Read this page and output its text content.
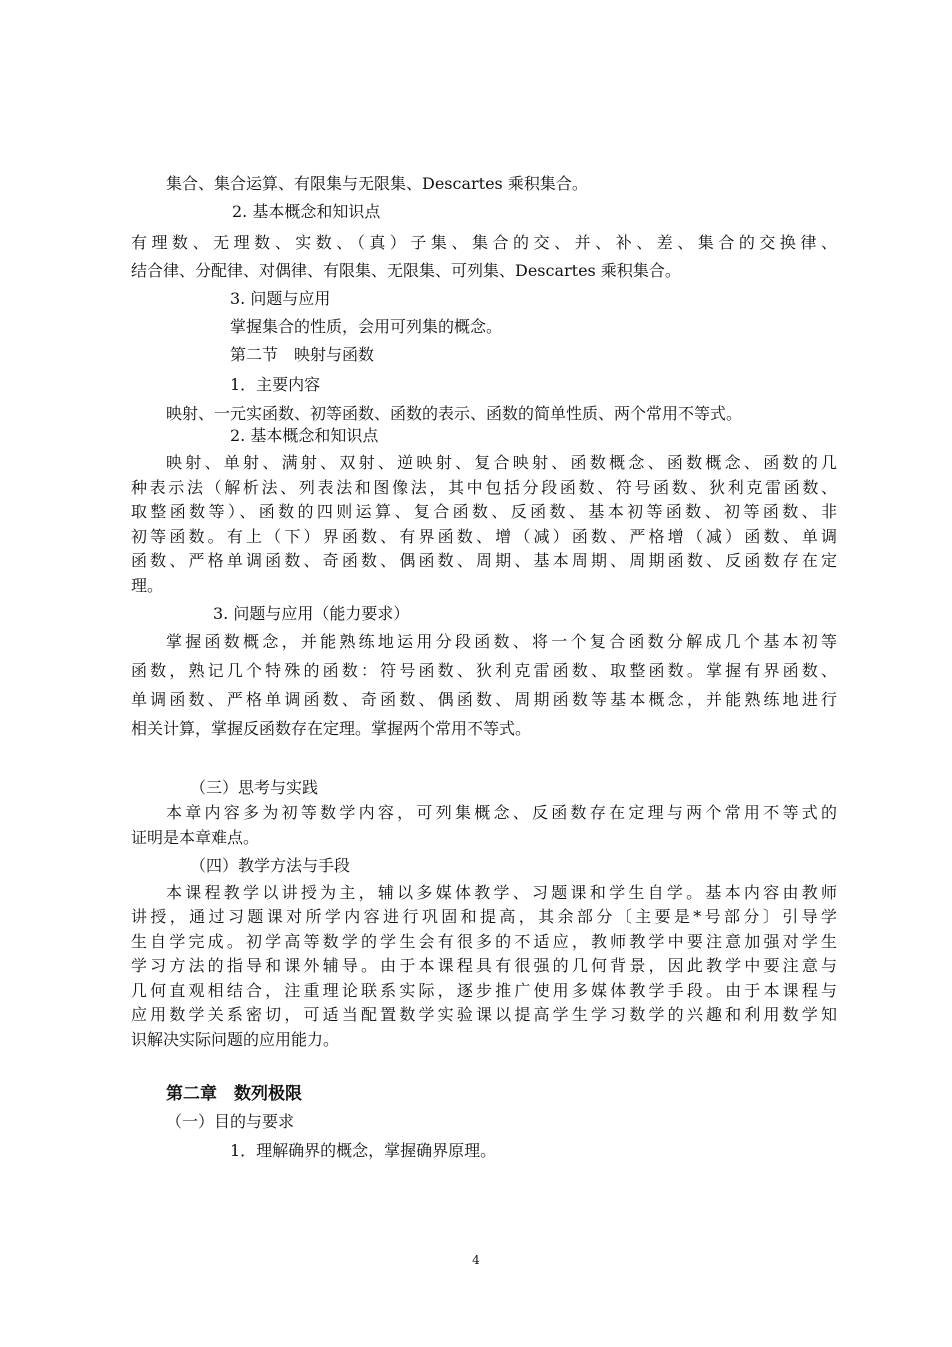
集合、集合运算、有限集与无限集、Descartes 乘积集合。
2. 基本概念和知识点
有理数、无理数、实数、（真）子集、集合的交、并、补、差、集合的交换律、
结合律、分配律、对偶律、有限集、无限集、可列集、Descartes 乘积集合。
3. 问题与应用
掌握集合的性质，会用可列集的概念。
第二节　映射与函数
1．主要内容
映射、一元实函数、初等函数、函数的表示、函数的简单性质、两个常用不等式。
2. 基本概念和知识点
映射、单射、满射、双射、逆映射、复合映射、函数概念、函数概念、函数的几
种表示法（解析法、列表法和图像法，其中包括分段函数、符号函数、狄利克雷函数、
取整函数等）、函数的四则运算、复合函数、反函数、基本初等函数、初等函数、非
初等函数。有上（下）界函数、有界函数、增（减）函数、严格增（减）函数、单调
函数、严格单调函数、奇函数、偶函数、周期、基本周期、周期函数、反函数存在定
理。
3. 问题与应用（能力要求）
掌握函数概念，并能熟练地运用分段函数、将一个复合函数分解成几个基本初等
函数，熟记几个特殊的函数：符号函数、狄利克雷函数、取整函数。掌握有界函数、
单调函数、严格单调函数、奇函数、偶函数、周期函数等基本概念，并能熟练地进行
相关计算，掌握反函数存在定理。掌握两个常用不等式。
（三）思考与实践
本章内容多为初等数学内容，可列集概念、反函数存在定理与两个常用不等式的
证明是本章难点。
（四）教学方法与手段
本课程教学以讲授为主，辅以多媒体教学、习题课和学生自学。基本内容由教师
讲授，通过习题课对所学内容进行巩固和提高，其余部分〔主要是*号部分〕引导学
生自学完成。初学高等数学的学生会有很多的不适应，教师教学中要注意加强对学生
学习方法的指导和课外辅导。由于本课程具有很强的几何背景，因此教学中要注意与
几何直观相结合，注重理论联系实际，逐步推广使用多媒体教学手段。由于本课程与
应用数学关系密切，可适当配置数学实验课以提高学生学习数学的兴趣和利用数学知
识解决实际问题的应用能力。
第二章　数列极限
（一）目的与要求
1．理解确界的概念，掌握确界原理。
4
